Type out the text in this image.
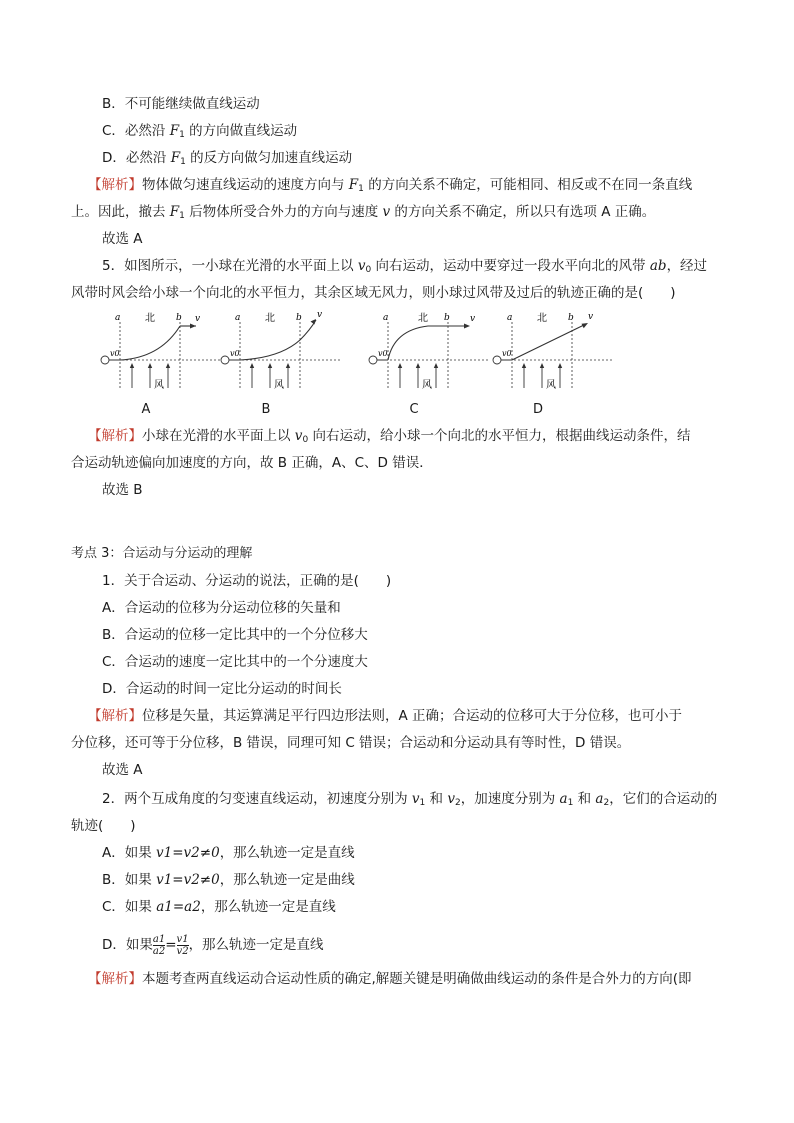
B．不可能继续做直线运动
C．必然沿 $F_1$ 的方向做直线运动
D．必然沿 $F_1$ 的反方向做匀加速直线运动
【解析】物体做匀速直线运动的速度方向与 $F_1$ 的方向关系不确定，可能相同、相反或不在同一条直线
上。因此，撤去 $F_1$ 后物体所受合外力的方向与速度 v 的方向关系不确定，所以只有选项 A 正确。
故选 A
5．如图所示，一小球在光滑的水平面上以 $v_0$ 向右运动，运动中要穿过一段水平向北的风带 ab，经过
风带时风会给小球一个向北的水平恒力，其余区域无风力，则小球过风带及过后的轨迹正确的是(　　)
a	b
北	v
v0
风
A
a	b
北	v
v0
风
B
a	b
北	v
v0
风
C
a	b
北	v
v0
风
D
【解析】小球在光滑的水平面上以 $v_0$ 向右运动，给小球一个向北的水平恒力，根据曲线运动条件，结
合运动轨迹偏向加速度的方向，故 B 正确，A、C、D 错误．
故选 B
考点 3：合运动与分运动的理解
1．关于合运动、分运动的说法，正确的是(　　)
A．合运动的位移为分运动位移的矢量和
B．合运动的位移一定比其中的一个分位移大
C．合运动的速度一定比其中的一个分速度大
D．合运动的时间一定比分运动的时间长
【解析】位移是矢量，其运算满足平行四边形法则，A 正确；合运动的位移可大于分位移，也可小于
分位移，还可等于分位移，B 错误，同理可知 C 错误；合运动和分运动具有等时性，D 错误。
故选 A
2．两个互成角度的匀变速直线运动，初速度分别为 $v_1$ 和 $v_2$，加速度分别为 $a_1$ 和 $a_2$，它们的合运动的
轨迹(　　)
A．如果 v1=v2≠0，那么轨迹一定是直线
B．如果 v1=v2≠0，那么轨迹一定是曲线
C．如果 a1=a2，那么轨迹一定是直线
D．如果 $\frac{a1}{a2} = \frac{v1}{v2}$ ，那么轨迹一定是直线
【解析】本题考查两直线运动合运动性质的确定,解题关键是明确做曲线运动的条件是合外力的方向(即
